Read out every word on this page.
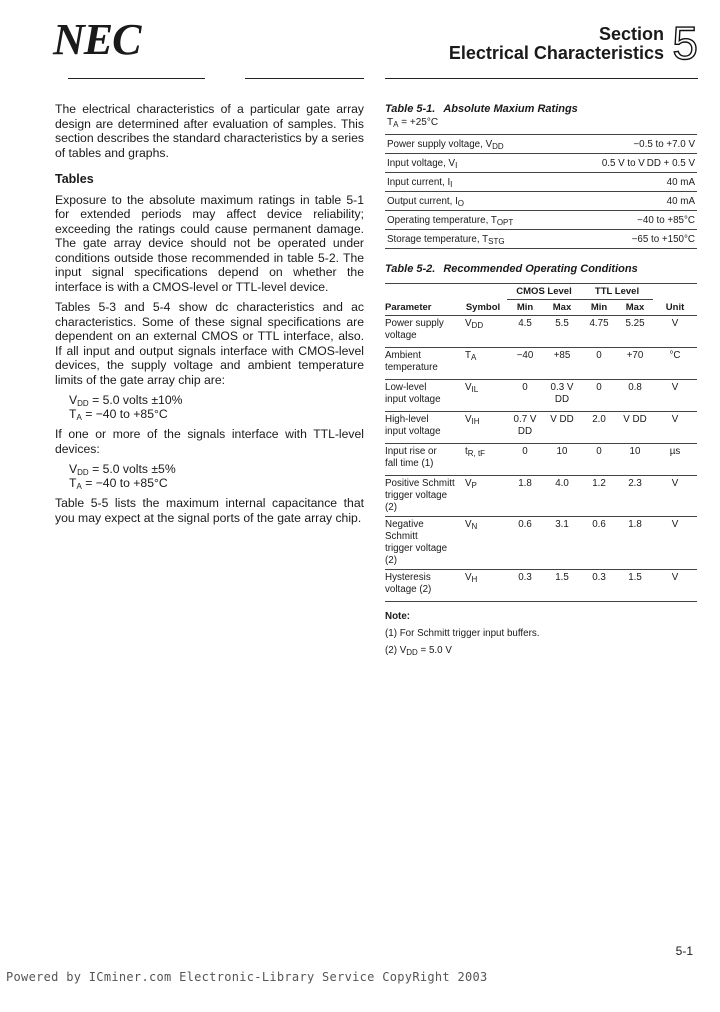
NEC	Section
Electrical Characteristics 5

The electrical characteristics of a particular gate array design are determined after evaluation of samples. This section describes the standard characteristics by a series of tables and graphs.

Tables

Exposure to the absolute maximum ratings in table 5-1 for extended periods may affect device reliability; exceeding the ratings could cause permanent damage. The gate array device should not be operated under conditions outside those recommended in table 5-2. The input signal specifications depend on whether the interface is with a CMOS-level or TTL-level device.

Tables 5-3 and 5-4 show dc characteristics and ac characteristics. Some of these signal specifications are dependent on an external CMOS or TTL interface, also. If all input and output signals interface with CMOS-level devices, the supply voltage and ambient temperature limits of the gate array chip are:

$V_{DD} = 5.0$ volts ±10%
$T_A = -40$ to +85°C

If one or more of the signals interface with TTL-level devices:

$V_{DD} = 5.0$ volts ±5%
$T_A = -40$ to +85°C

Table 5-5 lists the maximum internal capacitance that you may expect at the signal ports of the gate array chip.

Table 5-1. Absolute Maxium Ratings
$T_A = +25^\circ C$
Power supply voltage, $V_{DD}$	−0.5 to +7.0 V
Input voltage, $V_I$	0.5 V to V DD + 0.5 V
Input current, $I_I$	40 mA
Output current, $I_O$	40 mA
Operating temperature, $T_{OPT}$	−40 to +85°C
Storage temperature, $T_{STG}$	−65 to +150°C
Table 5-2. Recommended Operating Conditions
		CMOS Level		TTL Level		
Parameter	Symbol	Min	Max	Min	Max	Unit

Power supply
voltage	$V_{DD}$	4.5	5.5	4.75	5.25	V

Ambient
temperature	$T_A$	−40	+85	0	+70	°C

Low-level
input voltage	$V_{IL}$	0	0.3 V DD	0	0.8	V

High-level
input voltage	$V_{IH}$	0.7 V DD	V DD	2.0	V DD	V

Input rise or
fall time (1)	$t_{R, tF}$	0	10	0	10	µs

Positive Schmitt
trigger voltage (2)	$V_P$	1.8	4.0	1.2	2.3	V

Negative Schmitt
trigger voltage (2)	$V_N$	0.6	3.1	0.6	1.8	V

Hysteresis
voltage (2)	$V_H$	0.3	1.5	0.3	1.5	V
Note:
(1) For Schmitt trigger input buffers.
(2) $V_{DD} = 5.0$ V
5-1
Powered by ICminer.com Electronic-Library Service CopyRight 2003
